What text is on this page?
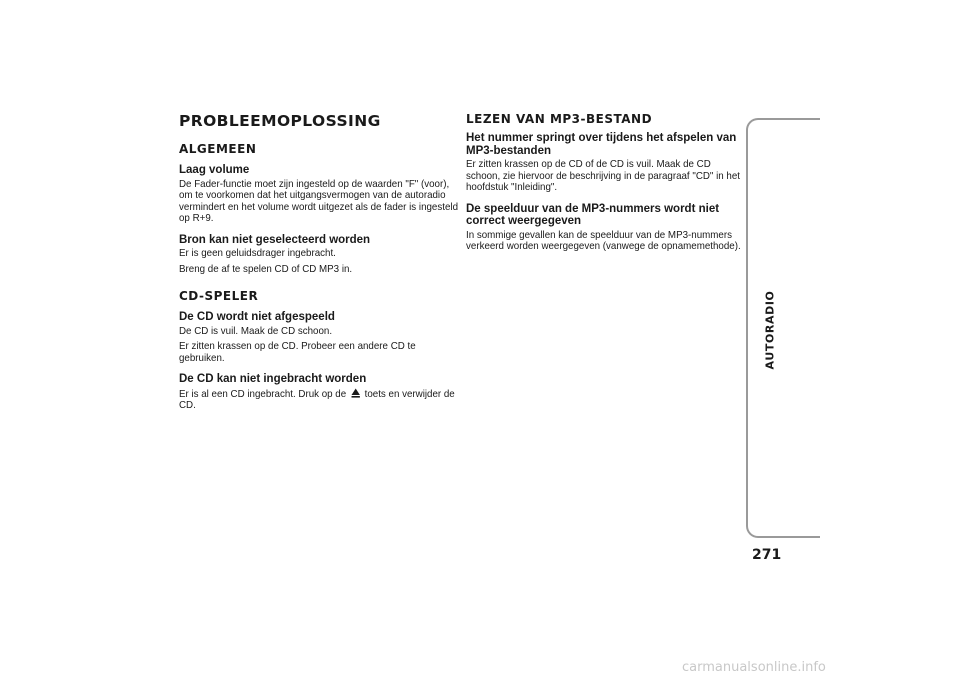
PROBLEEMOPLOSSING
ALGEMEEN
Laag volume
De Fader-functie moet zijn ingesteld op de waarden "F" (voor), om te voorkomen dat het uitgangsvermogen van de autoradio vermindert en het volume wordt uitgezet als de fader is ingesteld op R+9.
Bron kan niet geselecteerd worden
Er is geen geluidsdrager ingebracht.
Breng de af te spelen CD of CD MP3 in.
CD-SPELER
De CD wordt niet afgespeeld
De CD is vuil. Maak de CD schoon.
Er zitten krassen op de CD. Probeer een andere CD te gebruiken.
De CD kan niet ingebracht worden
Er is al een CD ingebracht. Druk op de toets en verwijder de CD.
LEZEN VAN MP3-BESTAND
Het nummer springt over tijdens het afspelen van MP3-bestanden
Er zitten krassen op de CD of de CD is vuil. Maak de CD schoon, zie hiervoor de beschrijving in de paragraaf "CD" in het hoofdstuk "Inleiding".
De speelduur van de MP3-nummers wordt niet correct weergegeven
In sommige gevallen kan de speelduur van de MP3-nummers verkeerd worden weergegeven (vanwege de opnamemethode).
AUTORADIO
271
carmanualsonline.info
